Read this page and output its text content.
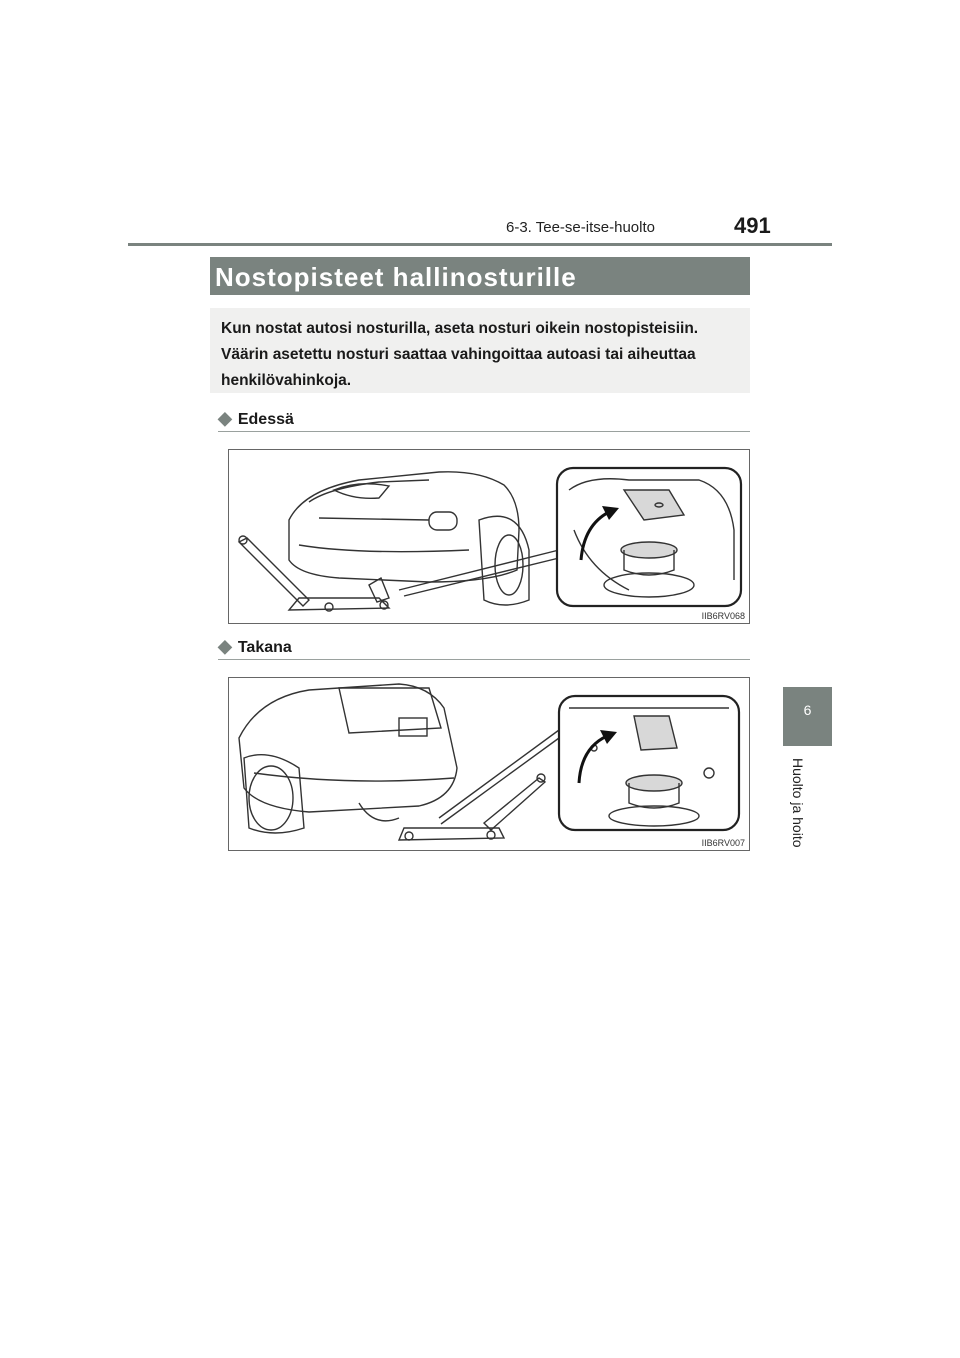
6-3. Tee-se-itse-huolto	491
6
Huolto ja hoito
Nostopisteet hallinosturille
Kun nostat autosi nosturilla, aseta nosturi oikein nostopisteisiin. Väärin asetettu nosturi saattaa vahingoittaa autoasi tai aiheuttaa henkilövahinkoja.
◆ Edessä
IIB6RV068
◆ Takana
IIB6RV007
